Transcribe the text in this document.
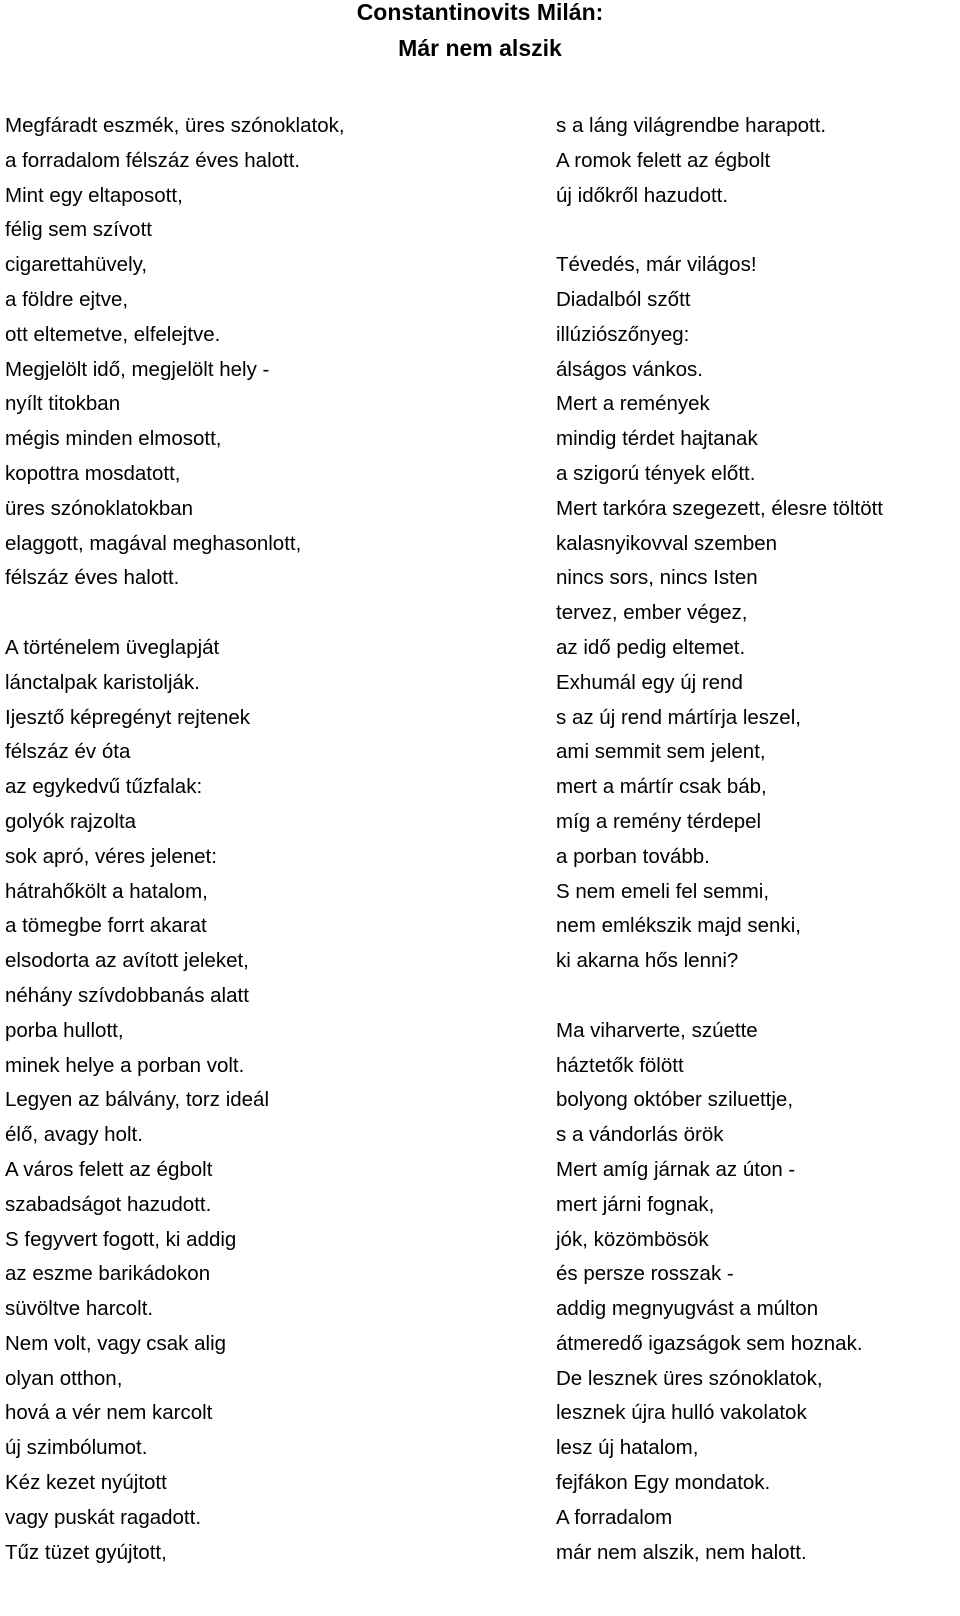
Constantinovits Milán:
Már nem alszik
Megfáradt eszmék, üres szónoklatok,
a forradalom félszáz éves halott.
Mint egy eltaposott,
félig sem szívott
cigarettahüvely,
a földre ejtve,
ott eltemetve, elfelejtve.
Megjelölt idő, megjelölt hely -
nyílt titokban
mégis minden elmosott,
kopottra mosdatott,
üres szónoklatokban
elaggott, magával meghasonlott,
félszáz éves halott.
A történelem üveglapját
lánctalpak karistolják.
Ijesztő képregényt rejtenek
félszáz év óta
az egykedvű tűzfalak:
golyók rajzolta
sok apró, véres jelenet:
hátrahőkölt a hatalom,
a tömegbe forrt akarat
elsodorta az avított jeleket,
néhány szívdobbanás alatt
porba hullott,
minek helye a porban volt.
Legyen az bálvány, torz ideál
élő, avagy holt.
A város felett az égbolt
szabadságot hazudott.
S fegyvert fogott, ki addig
az eszme barikádokon
süvöltve harcolt.
Nem volt, vagy csak alig
olyan otthon,
hová a vér nem karcolt
új szimbólumot.
Kéz kezet nyújtott
vagy puskát ragadott.
Tűz tüzet gyújtott,
s a láng világrendbe harapott.
A romok felett az égbolt
új időkről hazudott.
Tévedés, már világos!
Diadalból szőtt
illúziószőnyeg:
álságos vánkos.
Mert a remények
mindig térdet hajtanak
a szigorú tények előtt.
Mert tarkóra szegezett, élesre töltött
kalasnyikovval szemben
nincs sors, nincs Isten
tervez, ember végez,
az idő pedig eltemet.
Exhumál egy új rend
s az új rend mártírja leszel,
ami semmit sem jelent,
mert a mártír csak báb,
míg a remény térdepel
a porban tovább.
S nem emeli fel semmi,
nem emlékszik majd senki,
ki akarna hős lenni?
Ma viharverte, szúette
háztetők fölött
bolyong október sziluettje,
s a vándorlás örök
Mert amíg járnak az úton -
mert járni fognak,
jók, közömbösök
és persze rosszak -
addig megnyugvást a múlton
átmeredő igazságok sem hoznak.
De lesznek üres szónoklatok,
lesznek újra hulló vakolatok
lesz új hatalom,
fejfákon Egy mondatok.
A forradalom
már nem alszik, nem halott.
